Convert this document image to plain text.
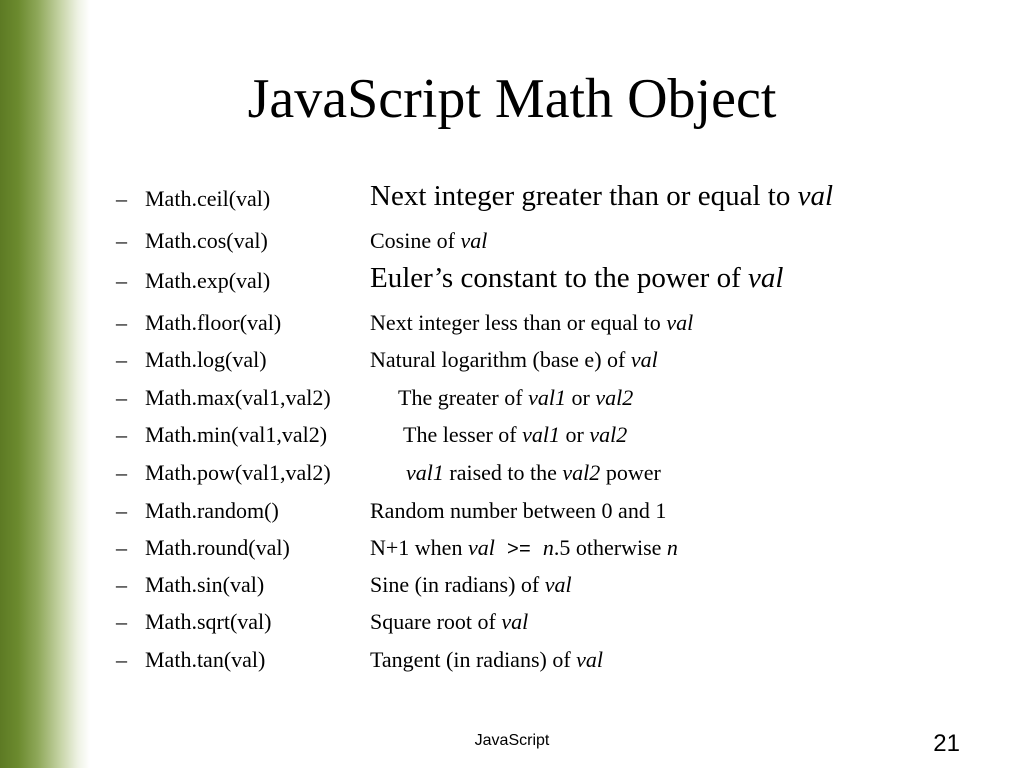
JavaScript Math Object
– Math.ceil(val)	Next integer greater than or equal to val
– Math.cos(val)	Cosine of val
– Math.exp(val)	Euler’s constant to the power of val
– Math.floor(val)	Next integer less than or equal to val
– Math.log(val)	Natural logarithm (base e) of val
– Math.max(val1,val2)	The greater of val1 or val2
– Math.min(val1,val2)	The lesser of val1 or val2
– Math.pow(val1,val2)	val1 raised to the val2 power
– Math.random()	Random number between 0 and 1
– Math.round(val)	N+1 when val >= n.5 otherwise n
– Math.sin(val)	Sine (in radians) of val
– Math.sqrt(val)	Square root of val
– Math.tan(val)	Tangent (in radians) of val
JavaScript	21
